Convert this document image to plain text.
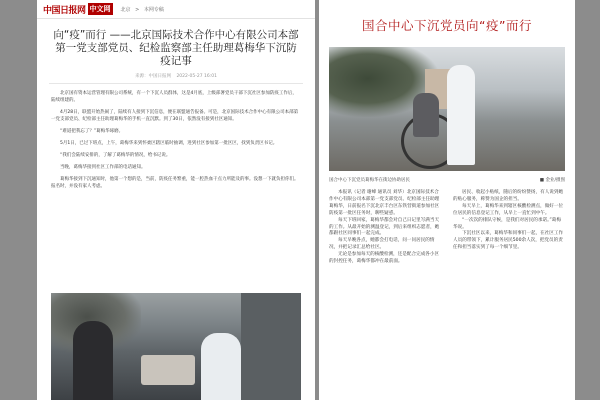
中国日报网 中文网	北京 > 本网专稿
向“疫”而行 ——北京国际技术合作中心有限公司本部第一党支部党员、纪检监察部主任助理葛梅华下沉防疫记事
来源：中国日报网 2022-05-27 16:01

北京国有资本运营管理有限公司系统，有一个下沉人员群体，这是4月底，上级部署党员干部下沉社区参加防疫工作后，陆续组建的。

4月28日，联盟开始热闹了，陆续有人接到下沉信息，便在联盟通告报备。可是，北京国际技术合作中心有限公司本部第一党支部党员、纪检部主任助理葛梅华的手机一直沉默。到了30日，依然没有接到社区通知。

“难道把我忘了？”葛梅华琢磨。

5月1日，已过下班点，上午，葛梅华来到怀柔区辖区临时抽调，进到社区参加第一批区区，找到负责区书记。

“我们会陆续安排的，了解了葛梅华的情况，给书记说。

当晚，葛梅华接到社区工作部的电话通知。

葛梅华接到下沉通知时，他第一个想的是，当前，防疫任务繁重，能一腔热血干点力所能及的事。没想一下就负担你们。报名时，并没有家人考虑。

国合中心下沉党员向“疫”而行
国合中心下沉党员葛梅华在街边协助居民	■ 金业/摄图

本报讯（记者 谢峰 通讯员 刘华）北京国际技术合作中心有限公司本部第一党支部党员、纪检部主任助理葛梅华，日前报名下沉北京丰台区东铁营街道参加社区防疫第一批区任务时，聊些疑惑。

每天下班回家，葛梅华都会对自己日记里写满当天的工作。从最开始的测温登记，到后来组织志愿者，她都跟社区同事们一起完成。

每天早晚各点，她都会打电话，问一问居民的情况，并把记录汇总给社区。

无论是参加每天的核酸检测，还是配合完成各小区的封控任务，葛梅华都冲在最前面。

居民、收起小贴纸，随后的纷纷赞扬，有人说到她的贴心服务，称赞为国企的担当。

每天早上，葛梅华来到辖区核酸检测点，做好一位位居民的信息登记工作，从早上一直忙到中午。

“一次次的排队守候，是我们对居民的承诺。”葛梅华说。

下沉社区以来，葛梅华和同事们一起，在社区工作人员的带领下，累计服务居民500余人次，把党员的责任和担当落实到了每一个细节里。
